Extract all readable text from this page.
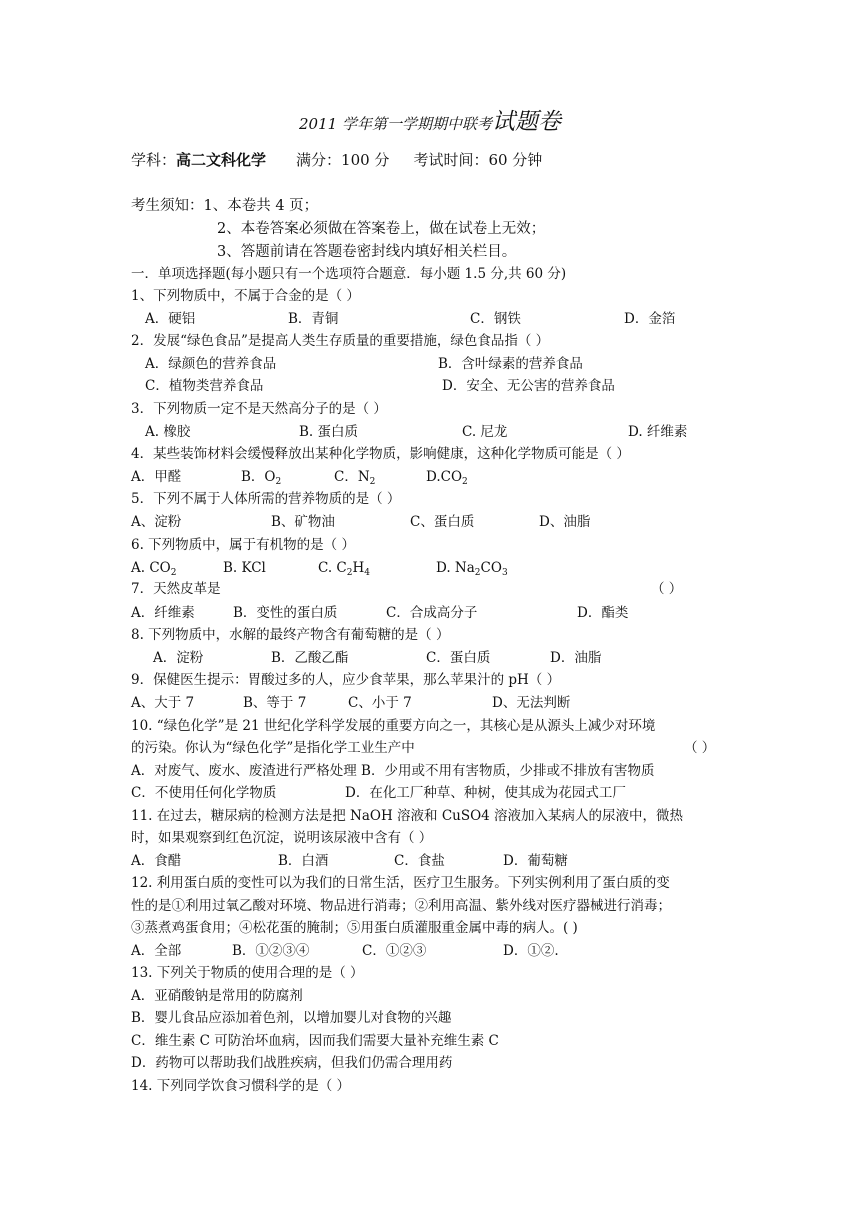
2011 学年第一学期期中联考试题卷
学科：高二文科化学 满分：100 分 考试时间：60 分钟
考生须知：1、本卷共 4 页；
2、本卷答案必须做在答案卷上，做在试卷上无效；
3、答题前请在答题卷密封线内填好相关栏目。
一．单项选择题(每小题只有一个选项符合题意．每小题 1.5 分,共 60 分)
1、下列物质中，不属于合金的是（ ）
A．硬铝	B．青铜	C．钢铁	D．金箔
2．发展“绿色食品”是提高人类生存质量的重要措施，绿色食品指（ ）
A．绿颜色的营养食品	B．含叶绿素的营养食品
C．植物类营养食品	D．安全、无公害的营养食品
3．下列物质一定不是天然高分子的是（ ）
A. 橡胶	B. 蛋白质	C. 尼龙	D. 纤维素
4．某些装饰材料会缓慢释放出某种化学物质，影响健康，这种化学物质可能是（ ）
A．甲醛	B．$O_2$	C．$N_2$	$D.CO_2$
5．下列不属于人体所需的营养物质的是（ ）
A、淀粉	B、矿物油	C、蛋白质	D、油脂
6. 下列物质中，属于有机物的是（ ）
A. $CO_2$	B. KCl	C. $C_2H_4$	D. $Na_2CO_3$
7．天然皮革是	（ ）
A．纤维素	B．变性的蛋白质	C．合成高分子	D．酯类
8. 下列物质中，水解的最终产物含有葡萄糖的是（ ）
A．淀粉	B．乙酸乙酯	C．蛋白质	D．油脂
9．保健医生提示：胃酸过多的人，应少食苹果，那么苹果汁的 pH（ ）
A、大于 7	B、等于 7	C、小于 7	D、无法判断
10. “绿色化学”是 21 世纪化学科学发展的重要方向之一，其核心是从源头上减少对环境
的污染。你认为“绿色化学”是指化学工业生产中	（ ）
A．对废气、废水、废渣进行严格处理 B．少用或不用有害物质，少排或不排放有害物质
C．不使用任何化学物质	D．在化工厂种草、种树，使其成为花园式工厂
11. 在过去，糖尿病的检测方法是把 NaOH 溶液和 CuSO4 溶液加入某病人的尿液中，微热
时，如果观察到红色沉淀，说明该尿液中含有（ ）
A．食醋	B．白酒	C．食盐	D．葡萄糖
12. 利用蛋白质的变性可以为我们的日常生活，医疗卫生服务。下列实例利用了蛋白质的变
性的是①利用过氧乙酸对环境、物品进行消毒；②利用高温、紫外线对医疗器械进行消毒；
③蒸煮鸡蛋食用；④松花蛋的腌制；⑤用蛋白质灌服重金属中毒的病人。( )
A．全部	B．①②③④	C．①②③	D．①②.
13. 下列关于物质的使用合理的是（ ）
A．亚硝酸钠是常用的防腐剂
B．婴儿食品应添加着色剂，以增加婴儿对食物的兴趣
C．维生素 C 可防治坏血病，因而我们需要大量补充维生素 C
D．药物可以帮助我们战胜疾病，但我们仍需合理用药
14. 下列同学饮食习惯科学的是（ ）
